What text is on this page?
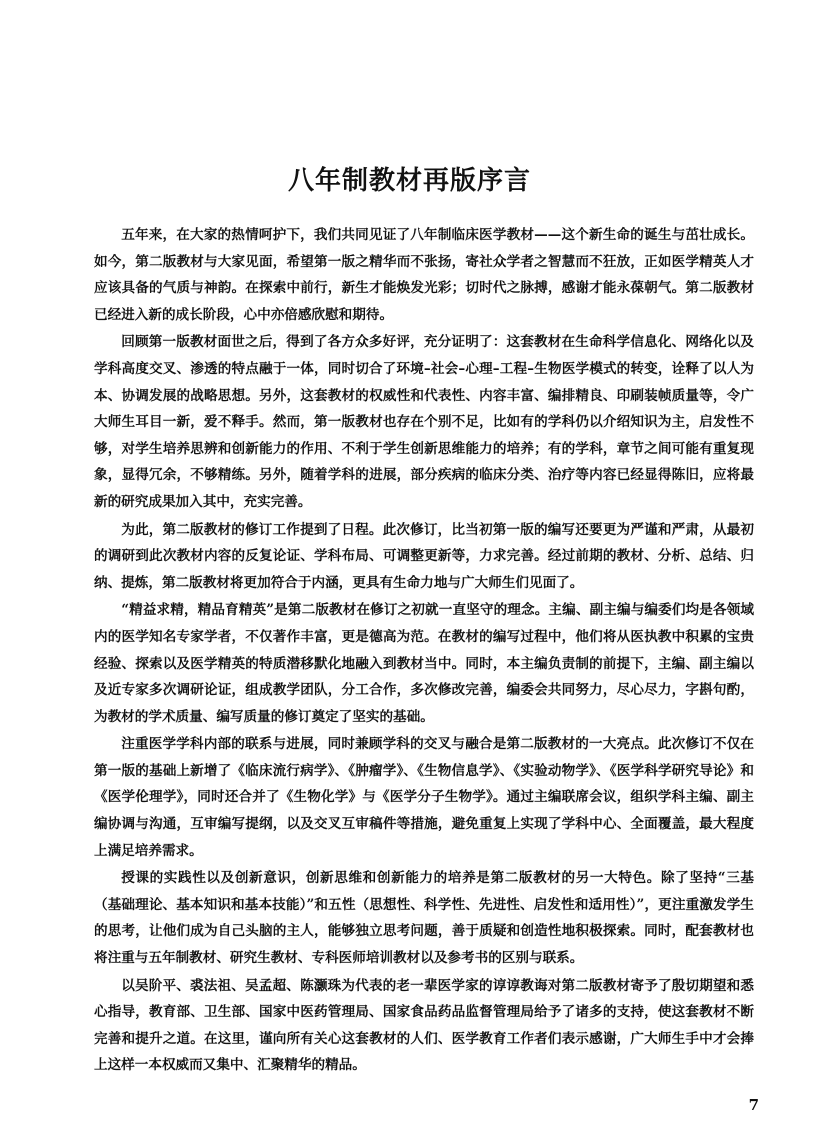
八年制教材再版序言

五年来，在大家的热情呵护下，我们共同见证了八年制临床医学教材——这个新生命的诞生与茁壮成长。如今，第二版教材与大家见面，希望第一版之精华而不张扬，寄社众学者之智慧而不狂放，正如医学精英人才应该具备的气质与神韵。在探索中前行，新生才能焕发光彩；切时代之脉搏，感谢才能永葆朝气。第二版教材已经进入新的成长阶段，心中亦倍感欣慰和期待。

回顾第一版教材面世之后，得到了各方众多好评，充分证明了：这套教材在生命科学信息化、网络化以及学科高度交叉、渗透的特点融于一体，同时切合了环境–社会–心理–工程–生物医学模式的转变，诠释了以人为本、协调发展的战略思想。另外，这套教材的权威性和代表性、内容丰富、编排精良、印刷装帧质量等，令广大师生耳目一新，爱不释手。然而，第一版教材也存在个别不足，比如有的学科仍以介绍知识为主，启发性不够，对学生培养思辨和创新能力的作用、不利于学生创新思维能力的培养；有的学科，章节之间可能有重复现象，显得冗余，不够精练。另外，随着学科的进展，部分疾病的临床分类、治疗等内容已经显得陈旧，应将最新的研究成果加入其中，充实完善。

为此，第二版教材的修订工作提到了日程。此次修订，比当初第一版的编写还要更为严谨和严肃，从最初的调研到此次教材内容的反复论证、学科布局、可调整更新等，力求完善。经过前期的教材、分析、总结、归纳、提炼，第二版教材将更加符合于内涵，更具有生命力地与广大师生们见面了。

“精益求精，精品育精英”是第二版教材在修订之初就一直坚守的理念。主编、副主编与编委们均是各领域内的医学知名专家学者，不仅著作丰富，更是德高为范。在教材的编写过程中，他们将从医执教中积累的宝贵经验、探索以及医学精英的特质潜移默化地融入到教材当中。同时，本主编负责制的前提下，主编、副主编以及近专家多次调研论证，组成教学团队，分工合作，多次修改完善，编委会共同努力，尽心尽力，字斟句酌，为教材的学术质量、编写质量的修订奠定了坚实的基础。

注重医学学科内部的联系与进展，同时兼顾学科的交叉与融合是第二版教材的一大亮点。此次修订不仅在第一版的基础上新增了《临床流行病学》、《肿瘤学》、《生物信息学》、《实验动物学》、《医学科学研究导论》和《医学伦理学》，同时还合并了《生物化学》与《医学分子生物学》。通过主编联席会议，组织学科主编、副主编协调与沟通，互审编写提纲，以及交叉互审稿件等措施，避免重复上实现了学科中心、全面覆盖，最大程度上满足培养需求。

授课的实践性以及创新意识，创新思维和创新能力的培养是第二版教材的另一大特色。除了坚持“三基（基础理论、基本知识和基本技能）”和五性（思想性、科学性、先进性、启发性和适用性）”，更注重激发学生的思考，让他们成为自己头脑的主人，能够独立思考问题，善于质疑和创造性地积极探索。同时，配套教材也将注重与五年制教材、研究生教材、专科医师培训教材以及参考书的区别与联系。

以吴阶平、裘法祖、吴孟超、陈灏珠为代表的老一辈医学家的谆谆教诲对第二版教材寄予了殷切期望和悉心指导，教育部、卫生部、国家中医药管理局、国家食品药品监督管理局给予了诸多的支持，使这套教材不断完善和提升之道。在这里，谨向所有关心这套教材的人们、医学教育工作者们表示感谢，广大师生手中才会捧上这样一本权威而又集中、汇聚精华的精品。

7
